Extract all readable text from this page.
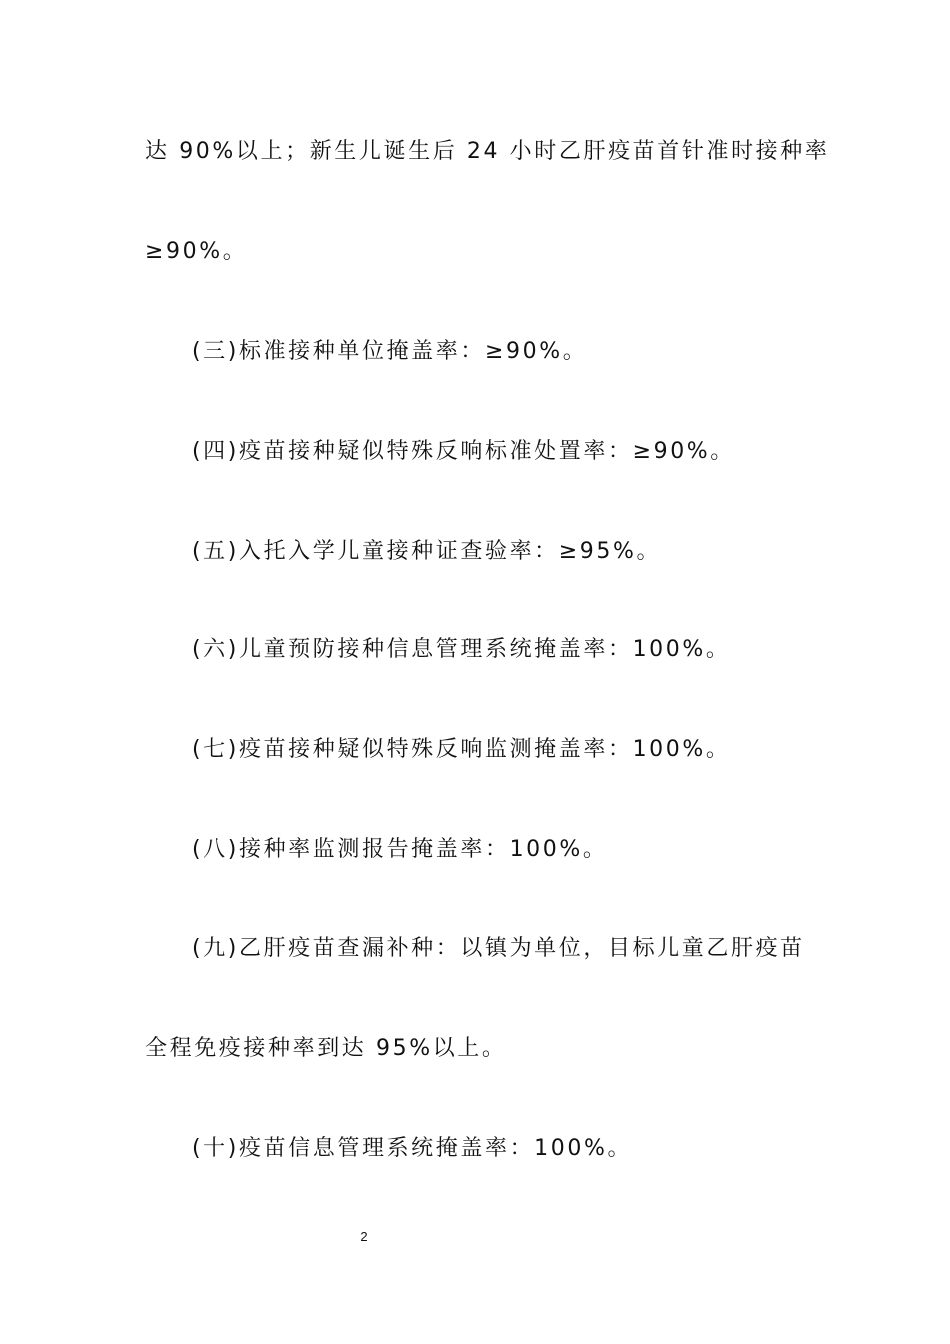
达 90%以上；新生儿诞生后 24 小时乙肝疫苗首针准时接种率
≥90%。
(三)标准接种单位掩盖率：≥90%。
(四)疫苗接种疑似特殊反响标准处置率：≥90%。
(五)入托入学儿童接种证查验率：≥95%。
(六)儿童预防接种信息管理系统掩盖率：100%。
(七)疫苗接种疑似特殊反响监测掩盖率：100%。
(八)接种率监测报告掩盖率：100%。
(九)乙肝疫苗查漏补种：以镇为单位，目标儿童乙肝疫苗
全程免疫接种率到达 95%以上。
(十)疫苗信息管理系统掩盖率：100%。
2
